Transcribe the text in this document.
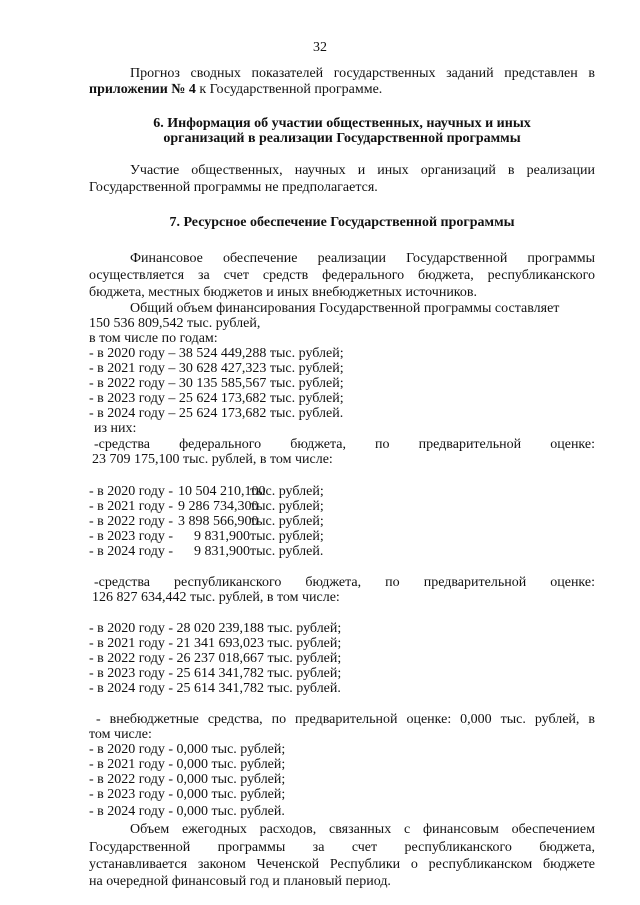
32
Прогноз сводных показателей государственных заданий представлен в
приложении № 4 к Государственной программе.
6. Информация об участии общественных, научных и иных
организаций в реализации Государственной программы
Участие общественных, научных и иных организаций в реализации
Государственной программы не предполагается.
7. Ресурсное обеспечение Государственной программы
Финансовое обеспечение реализации Государственной программы
осуществляется за счет средств федерального бюджета, республиканского
бюджета, местных бюджетов и иных внебюджетных источников.
Общий объем финансирования Государственной программы составляет
150 536 809,542 тыс. рублей,
в том числе по годам:
- в 2020 году – 38 524 449,288 тыс. рублей;
- в 2021 году – 30 628 427,323 тыс. рублей;
- в 2022 году – 30 135 585,567 тыс. рублей;
- в 2023 году – 25 624 173,682 тыс. рублей;
- в 2024 году – 25 624 173,682 тыс. рублей.
из них:
-средства федерального бюджета, по предварительной оценке:
23 709 175,100 тыс. рублей, в том числе:
- в 2020 году - 10 504 210,100
тыс. рублей;
- в 2021 году - 9 286 734,300
тыс. рублей;
- в 2022 году - 3 898 566,900
тыс. рублей;
- в 2023 году -	9 831,900 тыс. рублей;
- в 2024 году -	9 831,900 тыс. рублей.
-средства республиканского бюджета, по предварительной оценке:
126 827 634,442 тыс. рублей, в том числе:
- в 2020 году - 28 020 239,188 тыс. рублей;
- в 2021 году - 21 341 693,023 тыс. рублей;
- в 2022 году - 26 237 018,667 тыс. рублей;
- в 2023 году - 25 614 341,782 тыс. рублей;
- в 2024 году - 25 614 341,782 тыс. рублей.
- внебюджетные средства, по предварительной оценке: 0,000 тыс. рублей, в
том числе:
- в 2020 году - 0,000 тыс. рублей;
- в 2021 году - 0,000 тыс. рублей;
- в 2022 году - 0,000 тыс. рублей;
- в 2023 году - 0,000 тыс. рублей;
- в 2024 году - 0,000 тыс. рублей.
Объем ежегодных расходов, связанных с финансовым обеспечением
Государственной программы за счет республиканского бюджета,
устанавливается законом Чеченской Республики о республиканском бюджете
на очередной финансовый год и плановый период.
